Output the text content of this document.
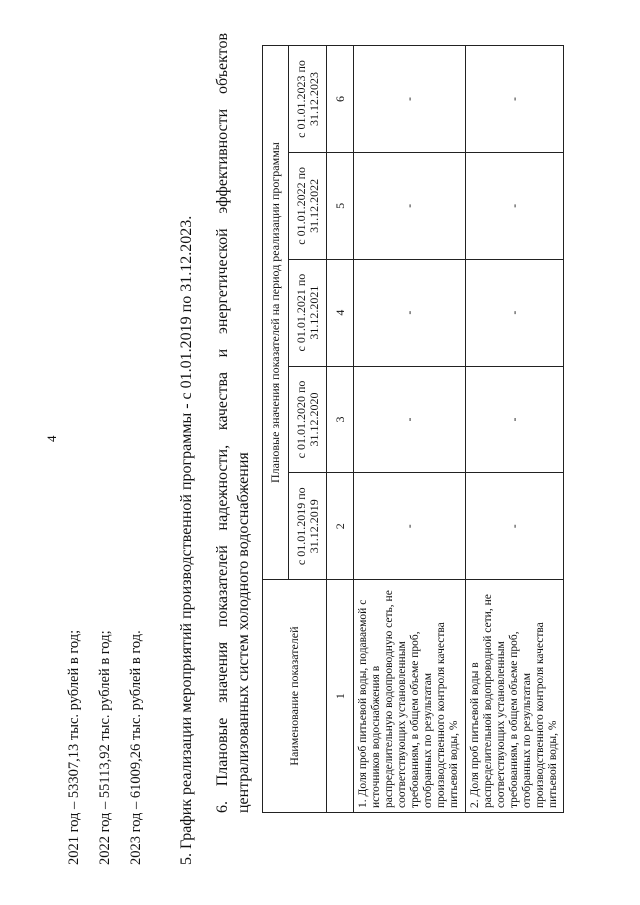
4
2021 год – 53307,13 тыс. рублей в год; 2022 год – 55113,92 тыс. рублей в год; 2023 год – 61009,26 тыс. рублей в год. 5. График реализации мероприятий производственной программы - с 01.01.2019 по 31.12.2023. 6. Плановые значения показателей надежности, качества и энергетической эффективности объектов централизованных систем холодного водоснабжения	Наименование показателей	Плановые значения показателей на период реализации программы				
	с 01.01.2019 по 31.12.2019	с 01.01.2020 по 31.12.2020	с 01.01.2021 по 31.12.2021	с 01.01.2022 по 31.12.2022	с 01.01.2023 по 31.12.2023
1	2	3	4	5	6
1. Доля проб питьевой воды, подаваемой с источников водоснабжения в распределительную водопроводную сеть, не соответствующих установленным требованиям, в общем объеме проб, отобранных по результатам производственного контроля качества питьевой воды, %	-	-	-	-	-
2. Доля проб питьевой воды в распределительной водопроводной сети, не соответствующих установленным требованиям, в общем объеме проб, отобранных по результатам производственного контроля качества питьевой воды, %	-	-	-	-	-
